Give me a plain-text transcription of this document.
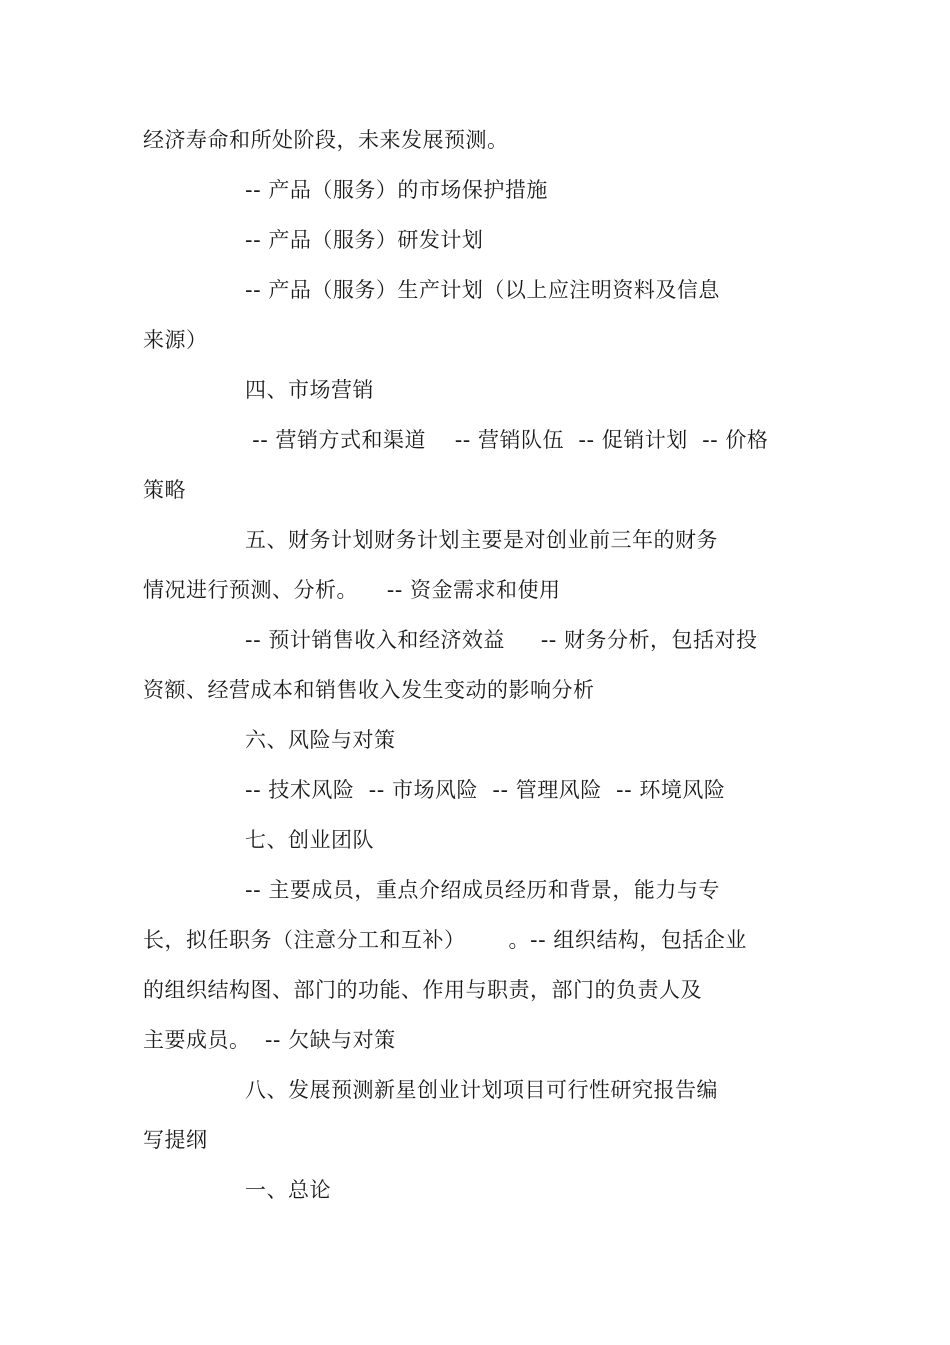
经济寿命和所处阶段，未来发展预测。
-- 产品（服务）的市场保护措施
-- 产品（服务）研发计划
-- 产品（服务）生产计划（以上应注明资料及信息
来源）
四、市场营销
-- 营销方式和渠道    -- 营销队伍  -- 促销计划  -- 价格
策略
五、财务计划财务计划主要是对创业前三年的财务
情况进行预测、分析。    -- 资金需求和使用
-- 预计销售收入和经济效益     -- 财务分析，包括对投
资额、经营成本和销售收入发生变动的影响分析
六、风险与对策
-- 技术风险  -- 市场风险  -- 管理风险  -- 环境风险
七、创业团队
-- 主要成员，重点介绍成员经历和背景，能力与专
长，拟任职务（注意分工和互补）      。-- 组织结构，包括企业
的组织结构图、部门的功能、作用与职责，部门的负责人及
主要成员。  -- 欠缺与对策
八、发展预测新星创业计划项目可行性研究报告编
写提纲
一、总论
